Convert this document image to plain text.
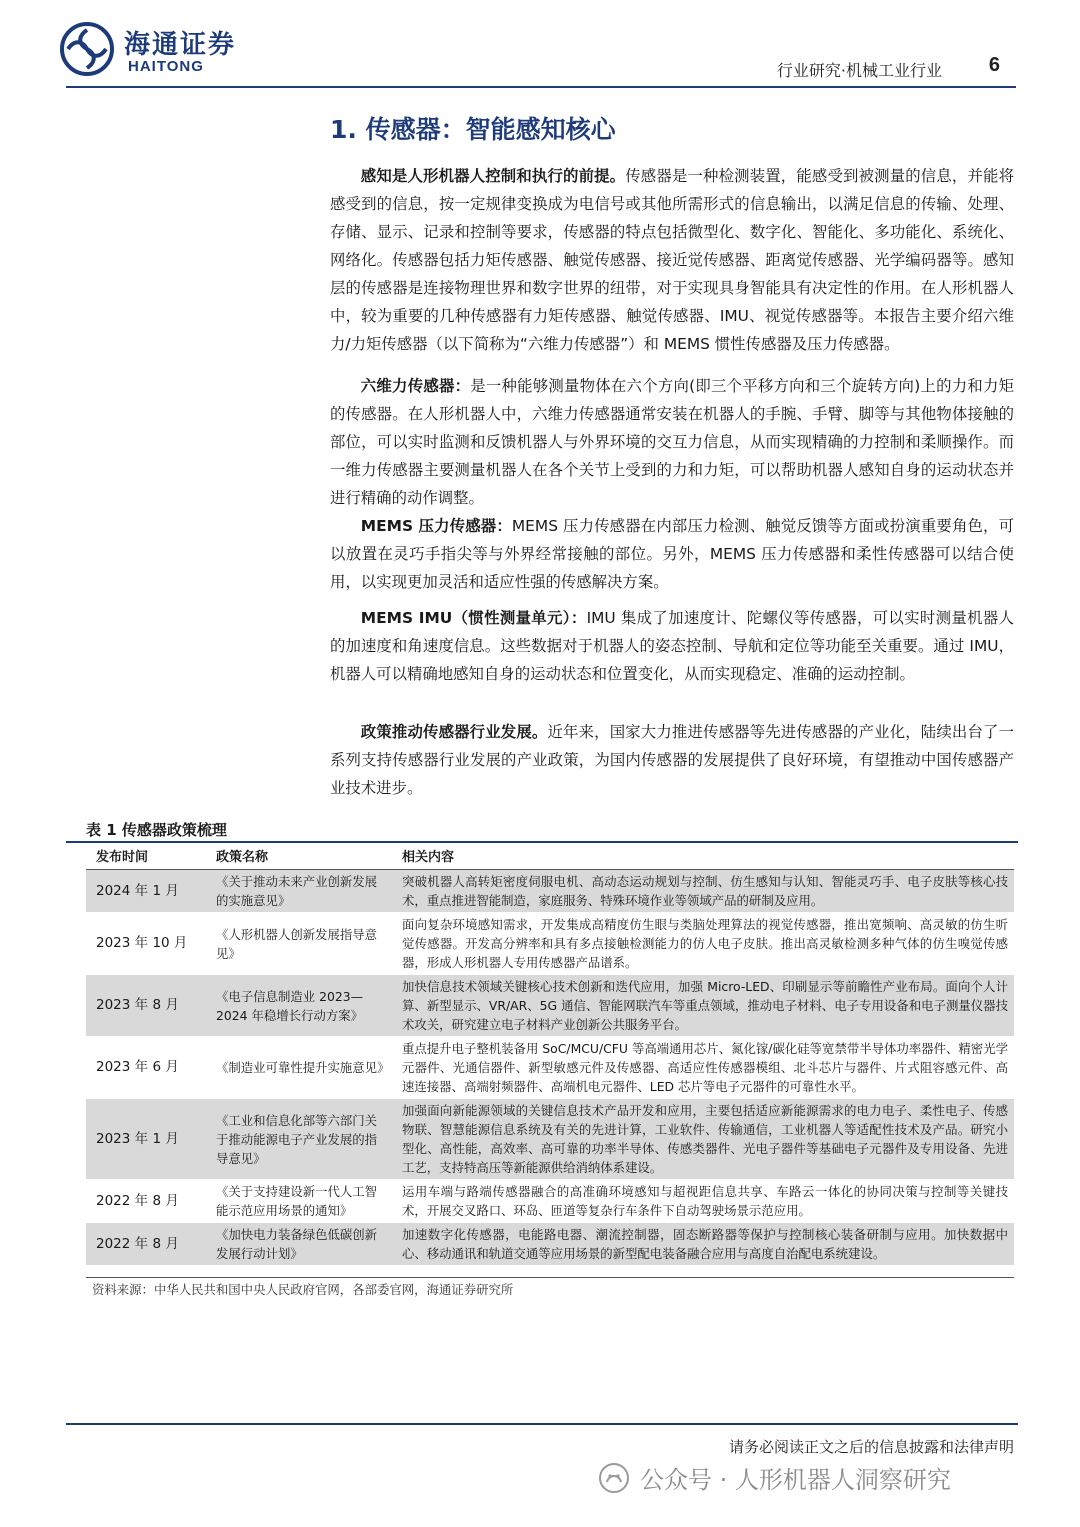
海通证券
HAITONG	行业研究·机械工业行业 6
1. 传感器：智能感知核心

感知是人形机器人控制和执行的前提。传感器是一种检测装置，能感受到被测量的信息，并能将感受到的信息，按一定规律变换成为电信号或其他所需形式的信息输出，以满足信息的传输、处理、存储、显示、记录和控制等要求，传感器的特点包括微型化、数字化、智能化、多功能化、系统化、网络化。传感器包括力矩传感器、触觉传感器、接近觉传感器、距离觉传感器、光学编码器等。感知层的传感器是连接物理世界和数字世界的纽带，对于实现具身智能具有决定性的作用。在人形机器人中，较为重要的几种传感器有力矩传感器、触觉传感器、IMU、视觉传感器等。本报告主要介绍六维力/力矩传感器（以下简称为“六维力传感器”）和 MEMS 惯性传感器及压力传感器。

六维力传感器：是一种能够测量物体在六个方向(即三个平移方向和三个旋转方向)上的力和力矩的传感器。在人形机器人中，六维力传感器通常安装在机器人的手腕、手臂、脚等与其他物体接触的部位，可以实时监测和反馈机器人与外界环境的交互力信息，从而实现精确的力控制和柔顺操作。而一维力传感器主要测量机器人在各个关节上受到的力和力矩，可以帮助机器人感知自身的运动状态并进行精确的动作调整。

MEMS 压力传感器：MEMS 压力传感器在内部压力检测、触觉反馈等方面或扮演重要角色，可以放置在灵巧手指尖等与外界经常接触的部位。另外，MEMS 压力传感器和柔性传感器可以结合使用，以实现更加灵活和适应性强的传感解决方案。

MEMS IMU（惯性测量单元）：IMU 集成了加速度计、陀螺仪等传感器，可以实时测量机器人的加速度和角速度信息。这些数据对于机器人的姿态控制、导航和定位等功能至关重要。通过 IMU，机器人可以精确地感知自身的运动状态和位置变化，从而实现稳定、准确的运动控制。

政策推动传感器行业发展。近年来，国家大力推进传感器等先进传感器的产业化，陆续出台了一系列支持传感器行业发展的产业政策，为国内传感器的发展提供了良好环境，有望推动中国传感器产业技术进步。

表 1 传感器政策梳理
发布时间	政策名称	相关内容
2024 年 1 月	《关于推动未来产业创新发展的实施意见》	突破机器人高转矩密度伺服电机、高动态运动规划与控制、仿生感知与认知、智能灵巧手、电子皮肤等核心技术，重点推进智能制造，家庭服务、特殊环境作业等领域产品的研制及应用。
2023 年 10 月	《人形机器人创新发展指导意见》	面向复杂环境感知需求，开发集成高精度仿生眼与类脑处理算法的视觉传感器，推出宽频响、高灵敏的仿生听觉传感器。开发高分辨率和具有多点接触检测能力的仿人电子皮肤。推出高灵敏检测多种气体的仿生嗅觉传感器，形成人形机器人专用传感器产品谱系。
2023 年 8 月	《电子信息制造业 2023—2024 年稳增长行动方案》	加快信息技术领域关键核心技术创新和迭代应用，加强 Micro-LED、印刷显示等前瞻性产业布局。面向个人计算、新型显示、VR/AR、5G 通信、智能网联汽车等重点领域，推动电子材料、电子专用设备和电子测量仪器技术攻关，研究建立电子材料产业创新公共服务平台。
2023 年 6 月	《制造业可靠性提升实施意见》	重点提升电子整机装备用 SoC/MCU/CFU 等高端通用芯片、氮化镓/碳化硅等宽禁带半导体功率器件、精密光学元器件、光通信器件、新型敏感元件及传感器、高适应性传感器模组、北斗芯片与器件、片式阻容感元件、高速连接器、高端射频器件、高端机电元器件、LED 芯片等电子元器件的可靠性水平。
2023 年 1 月	《工业和信息化部等六部门关于推动能源电子产业发展的指导意见》	加强面向新能源领域的关键信息技术产品开发和应用，主要包括适应新能源需求的电力电子、柔性电子、传感物联、智慧能源信息系统及有关的先进计算，工业软件、传输通信，工业机器人等适配性技术及产品。研究小型化、高性能，高效率、高可靠的功率半导体、传感类器件、光电子器件等基础电子元器件及专用设备、先进工艺，支持特高压等新能源供给消纳体系建设。
2022 年 8 月	《关于支持建设新一代人工智能示范应用场景的通知》	运用车端与路端传感器融合的高准确环境感知与超视距信息共享、车路云一体化的协同决策与控制等关键技术，开展交叉路口、环岛、匝道等复杂行车条件下自动驾驶场景示范应用。
2022 年 8 月	《加快电力装备绿色低碳创新发展行动计划》	加速数字化传感器，电能路电器、潮流控制器，固态断路器等保护与控制核心装备研制与应用。加快数据中心、移动通讯和轨道交通等应用场景的新型配电装备融合应用与高度自治配电系统建设。
资料来源：中华人民共和国中央人民政府官网，各部委官网，海通证券研究所
请务必阅读正文之后的信息披露和法律声明
公众号 · 人形机器人洞察研究
